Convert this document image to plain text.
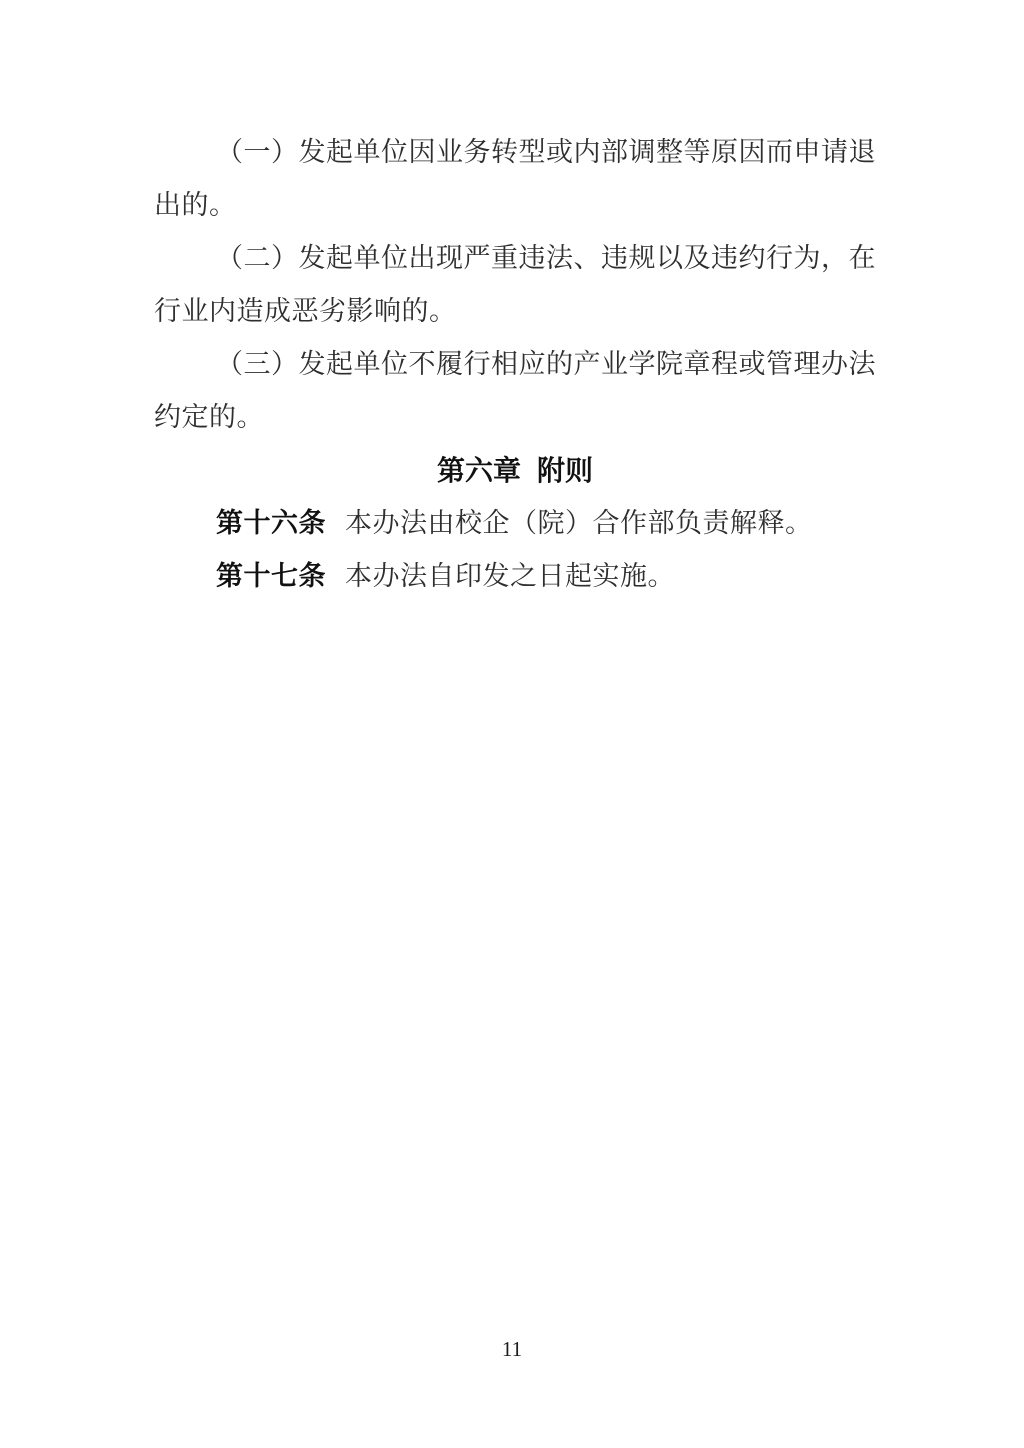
（一）发起单位因业务转型或内部调整等原因而申请退出的。

（二）发起单位出现严重违法、违规以及违约行为，在行业内造成恶劣影响的。

（三）发起单位不履行相应的产业学院章程或管理办法约定的。

第六章 附则

第十六条 本办法由校企（院）合作部负责解释。

第十七条 本办法自印发之日起实施。

11
